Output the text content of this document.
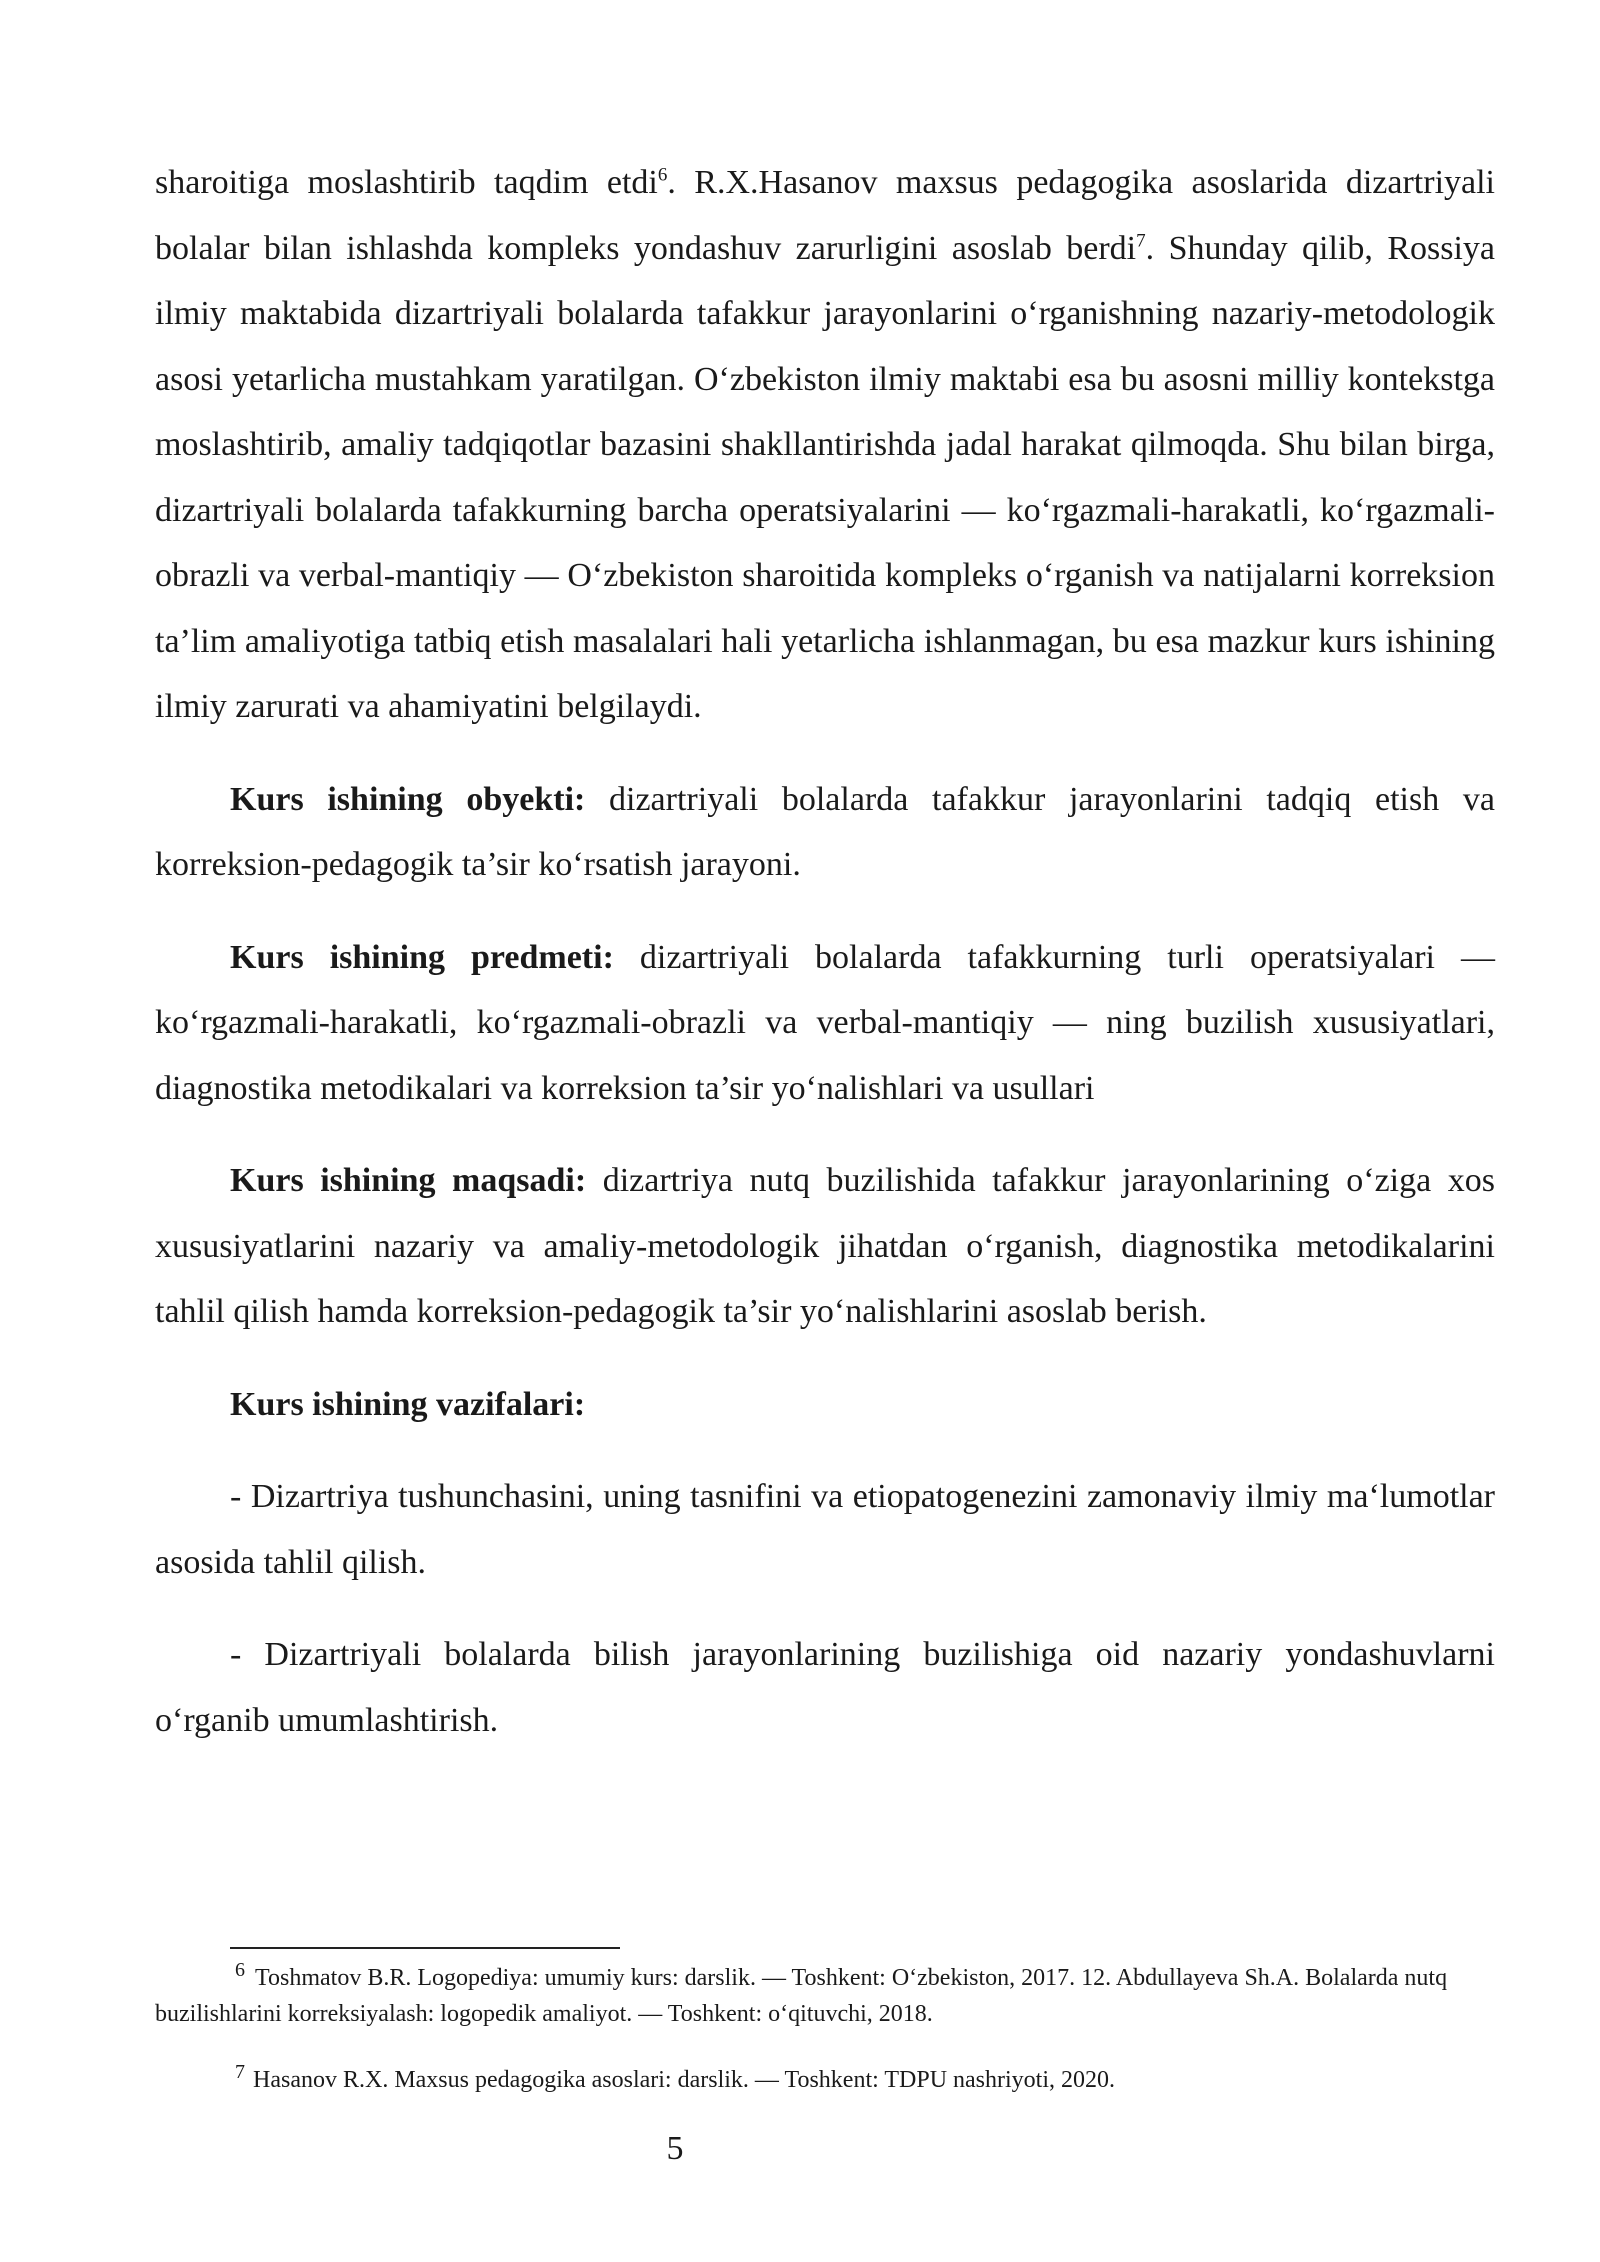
sharoitiga moslashtirib taqdim etdi$^6$. R.X.Hasanov maxsus pedagogika asoslarida dizartriyali bolalar bilan ishlashda kompleks yondashuv zarurligini asoslab berdi$^7$. Shunday qilib, Rossiya ilmiy maktabida dizartriyali bolalarda tafakkur jarayonlarini o‘rganishning nazariy-metodologik asosi yetarlicha mustahkam yaratilgan. O‘zbekiston ilmiy maktabi esa bu asosni milliy kontekstga moslashtirib, amaliy tadqiqotlar bazasini shakllantirishda jadal harakat qilmoqda. Shu bilan birga, dizartriyali bolalarda tafakkurning barcha operatsiyalarini — ko‘rgazmali-harakatli, ko‘rgazmali-obrazli va verbal-mantiqiy — O‘zbekiston sharoitida kompleks o‘rganish va natijalarni korreksion ta’lim amaliyotiga tatbiq etish masalalari hali yetarlicha ishlanmagan, bu esa mazkur kurs ishining ilmiy zarurati va ahamiyatini belgilaydi.

Kurs ishining obyekti: dizartriyali bolalarda tafakkur jarayonlarini tadqiq etish va korreksion-pedagogik ta’sir ko‘rsatish jarayoni.

Kurs ishining predmeti: dizartriyali bolalarda tafakkurning turli operatsiyalari — ko‘rgazmali-harakatli, ko‘rgazmali-obrazli va verbal-mantiqiy — ning buzilish xususiyatlari, diagnostika metodikalari va korreksion ta’sir yo‘nalishlari va usullari

Kurs ishining maqsadi: dizartriya nutq buzilishida tafakkur jarayonlarining o‘ziga xos xususiyatlarini nazariy va amaliy-metodologik jihatdan o‘rganish, diagnostika metodikalarini tahlil qilish hamda korreksion-pedagogik ta’sir yo‘nalishlarini asoslab berish.

Kurs ishining vazifalari:

- Dizartriya tushunchasini, uning tasnifini va etiopatogenezini zamonaviy ilmiy ma‘lumotlar asosida tahlil qilish.

- Dizartriyali bolalarda bilish jarayonlarining buzilishiga oid nazariy yondashuvlarni o‘rganib umumlashtirish.

$^6$ Toshmatov B.R. Logopediya: umumiy kurs: darslik. — Toshkent: O‘zbekiston, 2017. 12. Abdullayeva Sh.A. Bolalarda nutq buzilishlarini korreksiyalash: logopedik amaliyot. — Toshkent: o‘qituvchi, 2018.

$^7$ Hasanov R.X. Maxsus pedagogika asoslari: darslik. — Toshkent: TDPU nashriyoti, 2020.

5
